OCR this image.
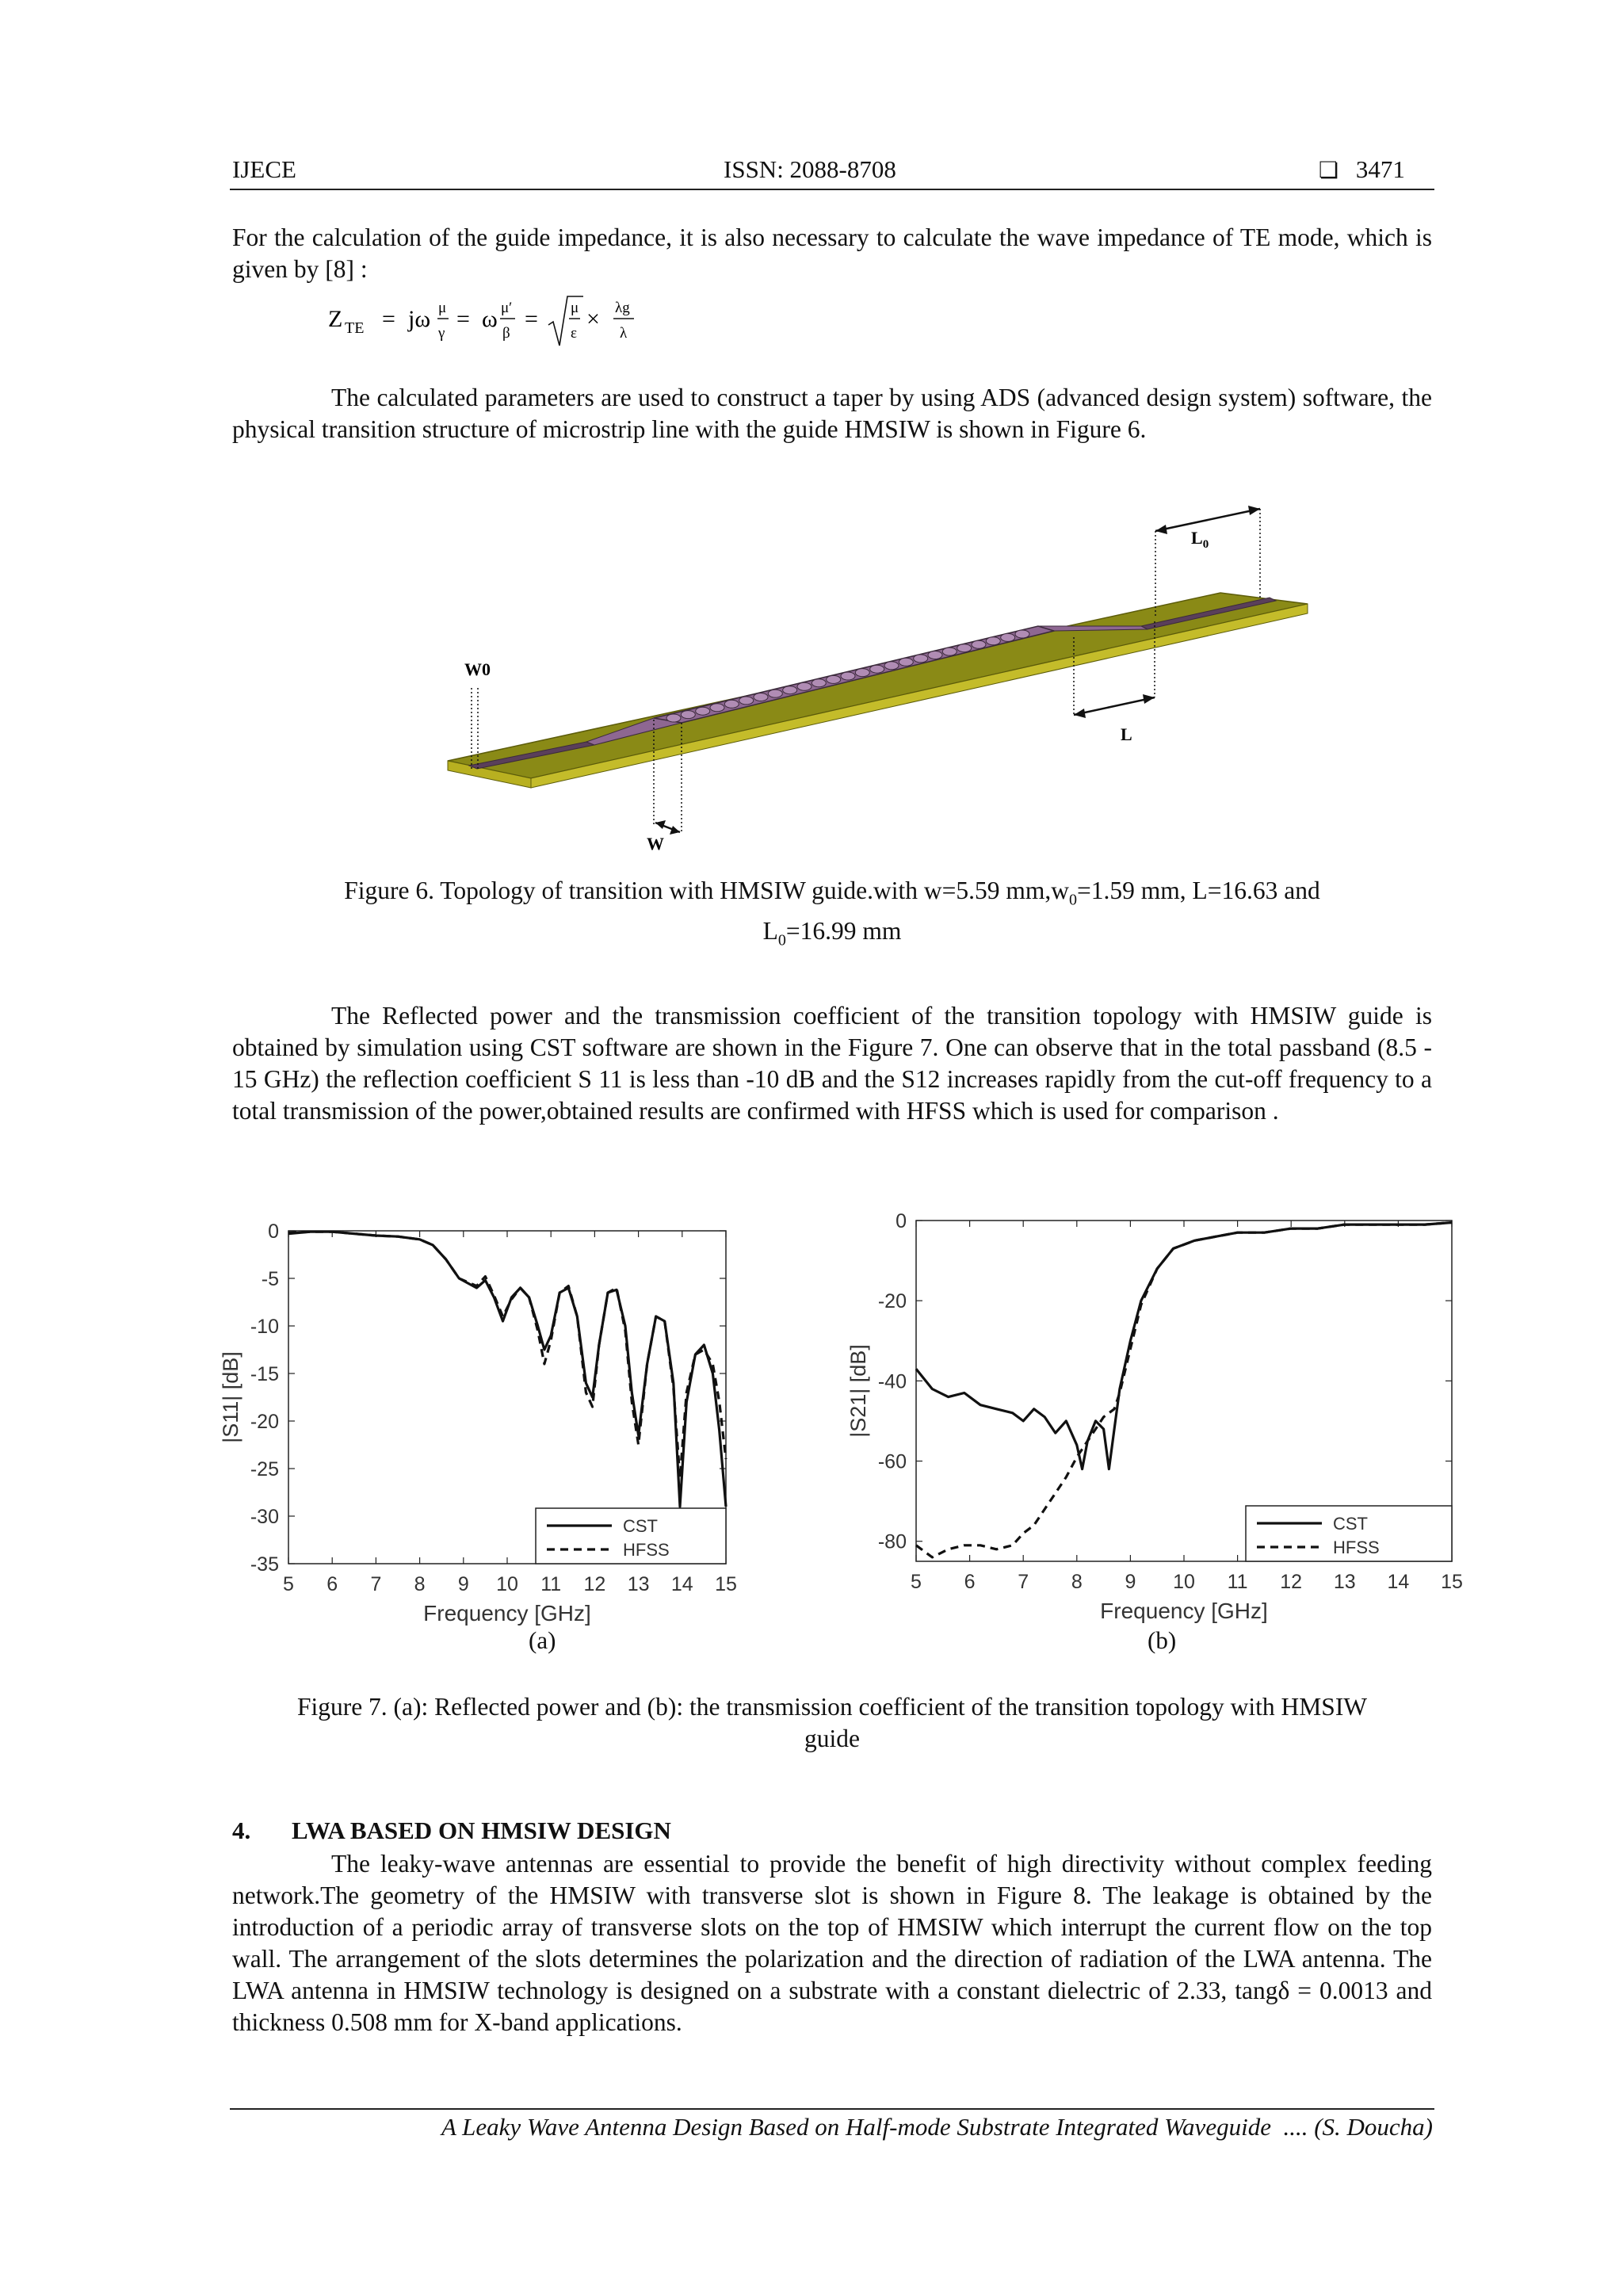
IJECE	ISSN: 2088-8708	❏ 3471

For the calculation of the guide impedance, it is also necessary to calculate the wave impedance of TE mode, which is given by [8] :

Z TE = jω μ
γ
= ω μ′
β
= μ
ε
× λg
λ

The calculated parameters are used to construct a taper by using ADS (advanced design system) software, the physical transition structure of microstrip line with the guide HMSIW is shown in Figure 6.

W0
W
L
$L_0$
Figure 6. Topology of transition with HMSIW guide.with w=5.59 $mm,w_0=1.59$ mm, L=16.63 and
$L_0=16.99$ mm

The Reflected power and the transmission coefficient of the transition topology with HMSIW guide is obtained by simulation using CST software are shown in the Figure 7. One can observe that in the total passband (8.5 - 15 GHz) the reflection coefficient S 11 is less than -10 dB and the S12 increases rapidly from the cut-off frequency to a total transmission of the power,obtained results are confirmed with HFSS which is used for comparison .

5 6 7 8 9 10 11 12 13 14 15
0
-5
-10
-15
-20
-25
-30
-35
Frequency [GHz]
|S11| [dB]
CST
HFSS
5 6 7 8 9 10 11 12 13 14 15
0
-20
-40
-60
-80
Frequency [GHz]
|S21| [dB]
CST
HFSS
(a)	(b)
Figure 7. (a): Reflected power and (b): the transmission coefficient of the transition topology with HMSIW
guide
4. LWA BASED ON HMSIW DESIGN

The leaky-wave antennas are essential to provide the benefit of high directivity without complex feeding network.The geometry of the HMSIW with transverse slot is shown in Figure 8. The leakage is obtained by the introduction of a periodic array of transverse slots on the top of HMSIW which interrupt the current flow on the top wall. The arrangement of the slots determines the polarization and the direction of radiation of the LWA antenna. The LWA antenna in HMSIW technology is designed on a substrate with a constant dielectric of 2.33, tangδ = 0.0013 and thickness 0.508 mm for X-band applications.

A Leaky Wave Antenna Design Based on Half-mode Substrate Integrated Waveguide  .... (S. Doucha)
